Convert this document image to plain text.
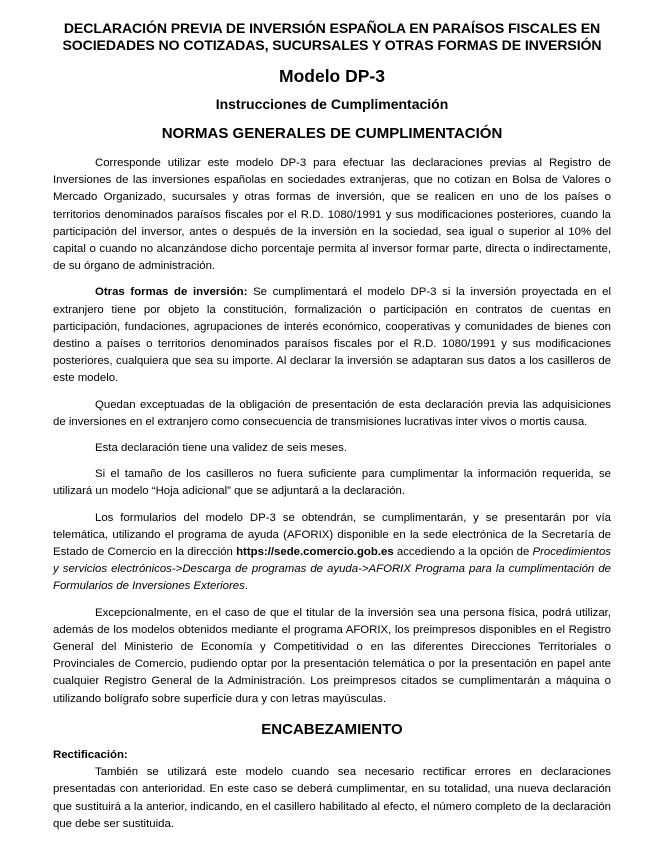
DECLARACIÓN PREVIA DE INVERSIÓN ESPAÑOLA EN PARAÍSOS FISCALES EN
SOCIEDADES NO COTIZADAS, SUCURSALES Y OTRAS FORMAS DE INVERSIÓN
Modelo DP-3
Instrucciones de Cumplimentación
NORMAS GENERALES DE CUMPLIMENTACIÓN

Corresponde utilizar este modelo DP-3 para efectuar las declaraciones previas al Registro de Inversiones de las inversiones españolas en sociedades extranjeras, que no cotizan en Bolsa de Valores o Mercado Organizado, sucursales y otras formas de inversión, que se realicen en uno de los países o territorios denominados paraísos fiscales por el R.D. 1080/1991 y sus modificaciones posteriores, cuando la participación del inversor, antes o después de la inversión en la sociedad, sea igual o superior al 10% del capital o cuando no alcanzándose dicho porcentaje permita al inversor formar parte, directa o indirectamente, de su órgano de administración.

Otras formas de inversión: Se cumplimentará el modelo DP-3 si la inversión proyectada en el extranjero tiene por objeto la constitución, formalización o participación en contratos de cuentas en participación, fundaciones, agrupaciones de interés económico, cooperativas y comunidades de bienes con destino a países o territorios denominados paraísos fiscales por el R.D. 1080/1991 y sus modificaciones posteriores, cualquiera que sea su importe. Al declarar la inversión se adaptaran sus datos a los casilleros de este modelo.

Quedan exceptuadas de la obligación de presentación de esta declaración previa las adquisiciones de inversiones en el extranjero como consecuencia de transmisiones lucrativas inter vivos o mortis causa.

Esta declaración tiene una validez de seis meses.

Si el tamaño de los casilleros no fuera suficiente para cumplimentar la información requerida, se utilizará un modelo “Hoja adicional” que se adjuntará a la declaración.

Los formularios del modelo DP-3 se obtendrán, se cumplimentarán, y se presentarán por vía telemática, utilizando el programa de ayuda (AFORIX) disponible en la sede electrónica de la Secretaría de Estado de Comercio en la dirección https://sede.comercio.gob.es accediendo a la opción de Procedimientos y servicios electrónicos->Descarga de programas de ayuda->AFORIX Programa para la cumplimentación de Formularios de Inversiones Exteriores.

Excepcionalmente, en el caso de que el titular de la inversión sea una persona física, podrá utilizar, además de los modelos obtenidos mediante el programa AFORIX, los preimpresos disponibles en el Registro General del Ministerio de Economía y Competitividad o en las diferentes Direcciones Territoriales o Provinciales de Comercio, pudiendo optar por la presentación telemática o por la presentación en papel ante cualquier Registro General de la Administración. Los preimpresos citados se cumplimentarán a máquina o utilizando bolígrafo sobre superficie dura y con letras mayúsculas.

ENCABEZAMIENTO

Rectificación:

También se utilizará este modelo cuando sea necesario rectificar errores en declaraciones presentadas con anterioridad. En este caso se deberá cumplimentar, en su totalidad, una nueva declaración que sustituirá a la anterior, indicando, en el casillero habilitado al efecto, el número completo de la declaración que debe ser sustituida.
